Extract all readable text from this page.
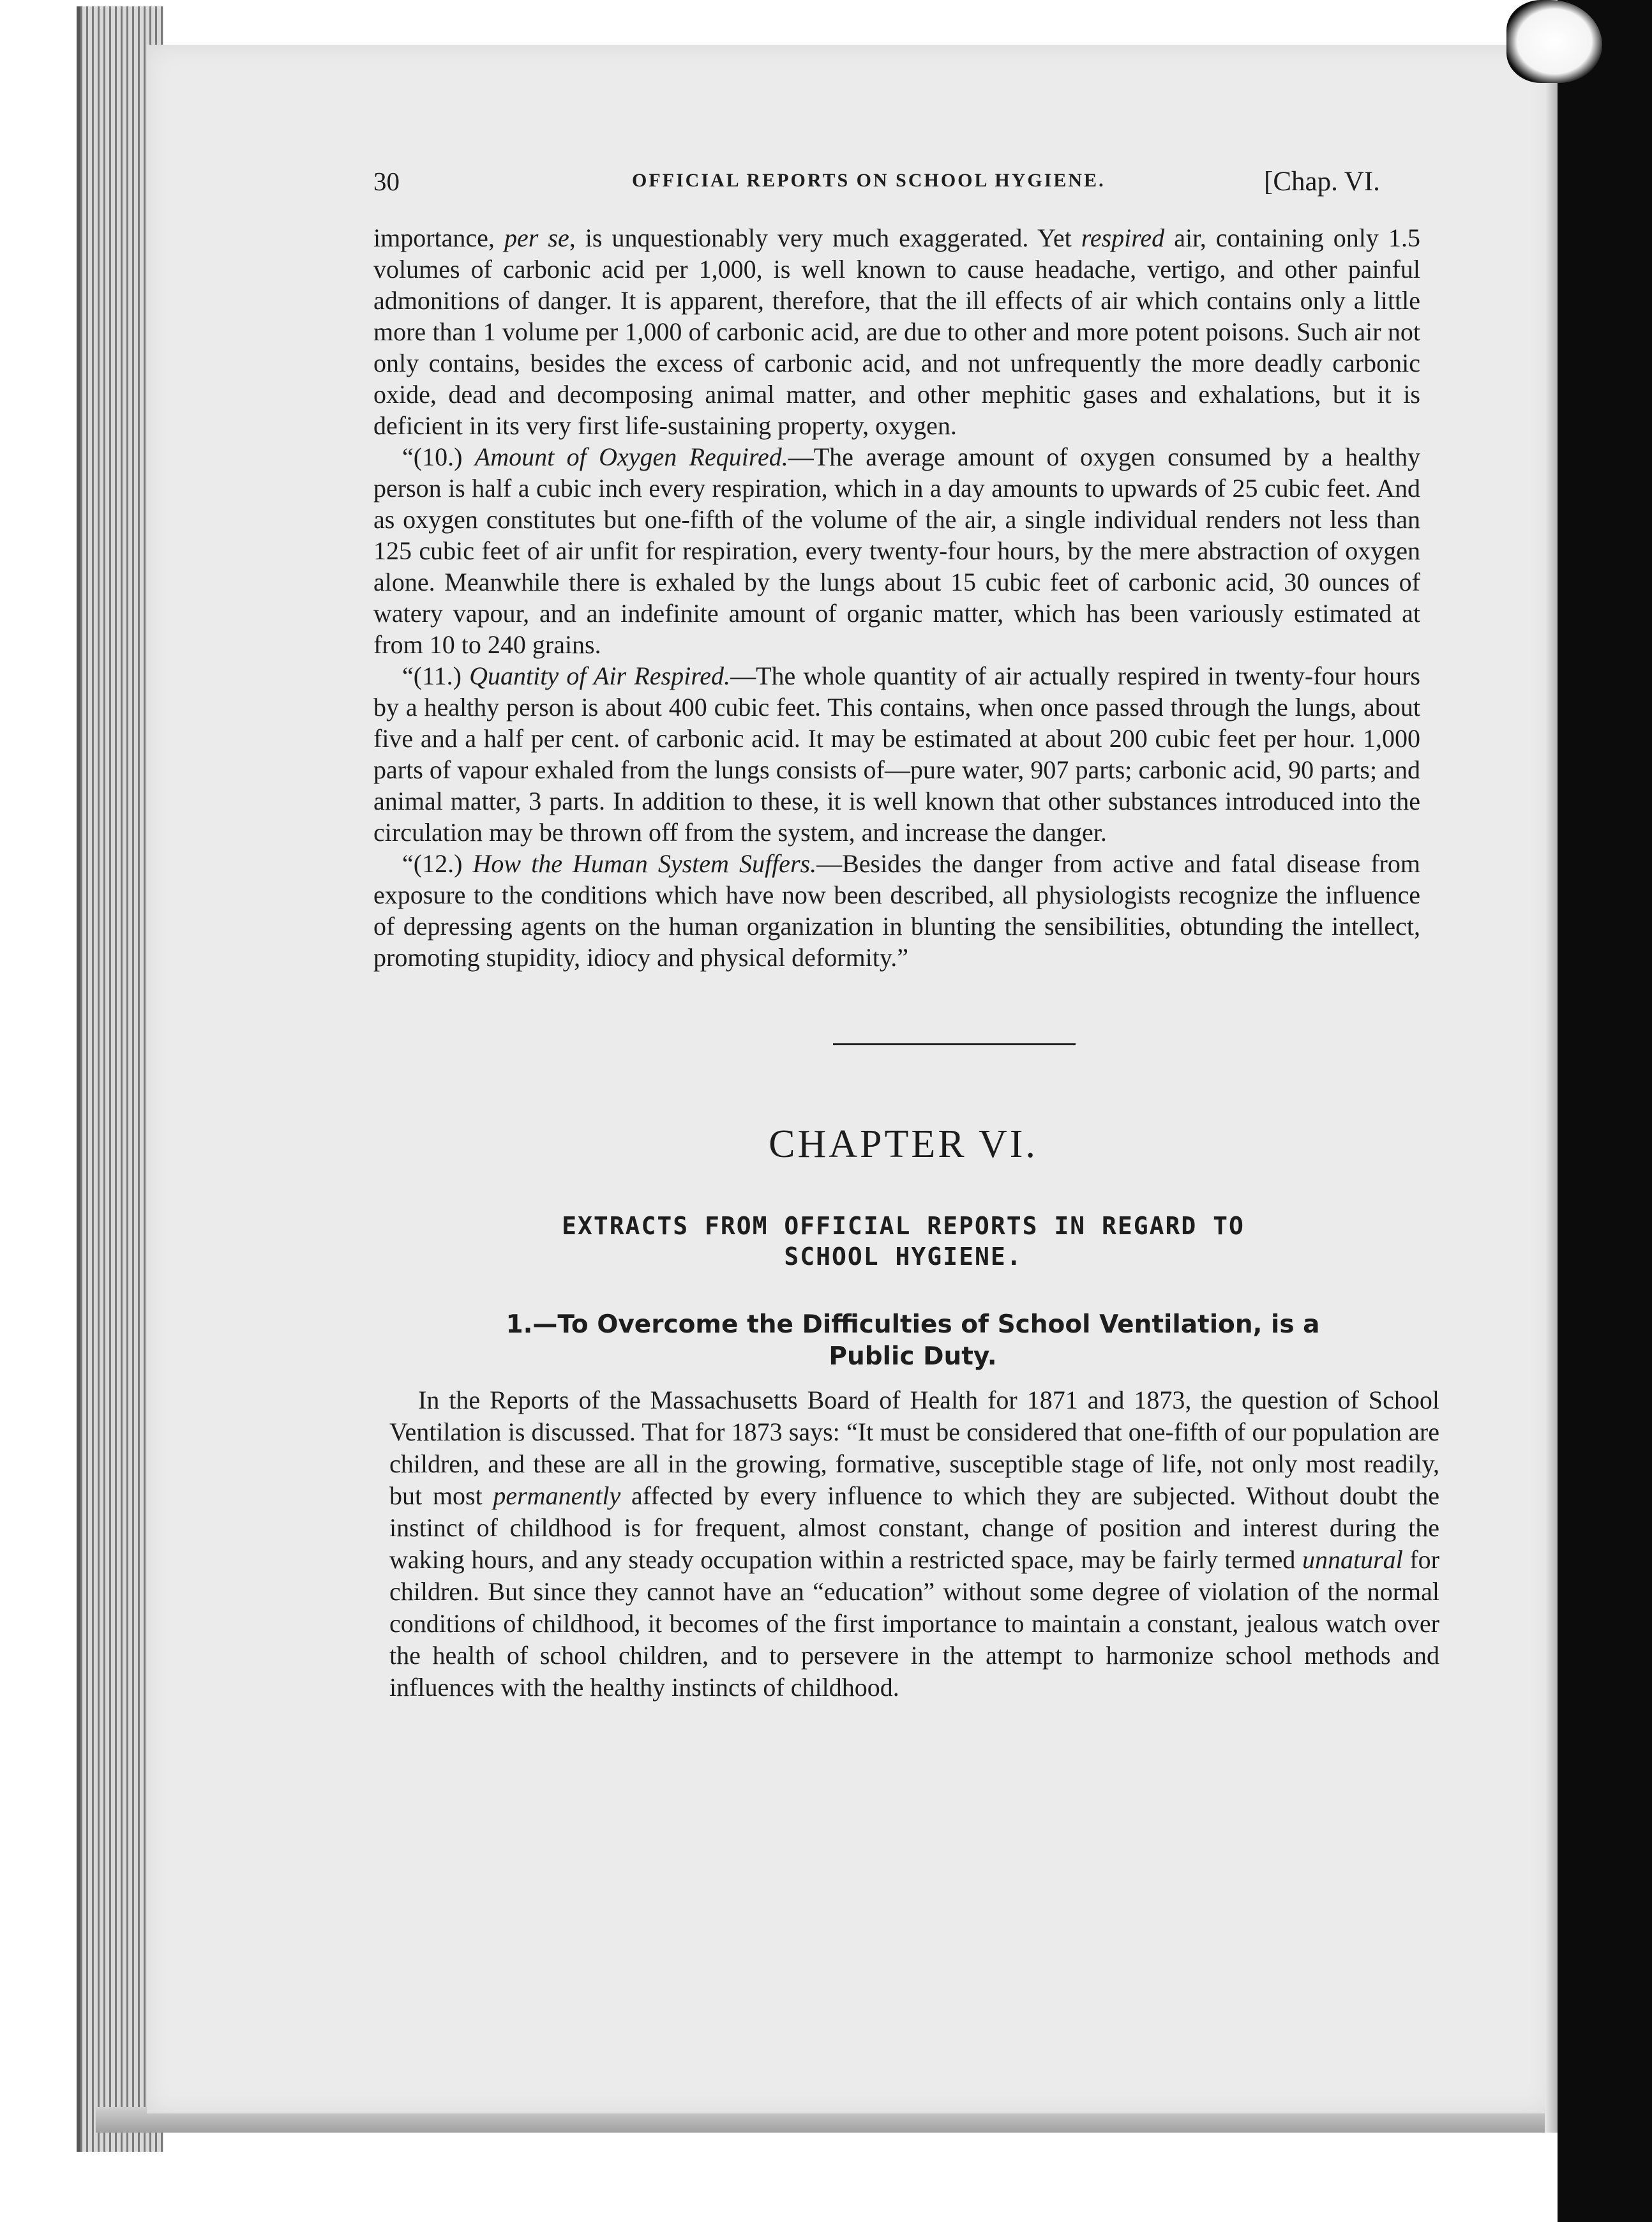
30	OFFICIAL REPORTS ON SCHOOL HYGIENE.	[Chap. VI.

importance, per se, is unquestionably very much exaggerated. Yet respired air, containing only 1.5 volumes of carbonic acid per 1,000, is well known to cause headache, vertigo, and other painful admonitions of danger. It is apparent, therefore, that the ill effects of air which contains only a little more than 1 volume per 1,000 of carbonic acid, are due to other and more potent poisons. Such air not only contains, besides the excess of carbonic acid, and not unfrequently the more deadly carbonic oxide, dead and decomposing animal matter, and other mephitic gases and exhalations, but it is deficient in its very first life-sustaining property, oxygen.

“(10.) Amount of Oxygen Required.—The average amount of oxygen consumed by a healthy person is half a cubic inch every respiration, which in a day amounts to upwards of 25 cubic feet. And as oxygen constitutes but one-fifth of the volume of the air, a single individual renders not less than 125 cubic feet of air unfit for respiration, every twenty-four hours, by the mere abstraction of oxygen alone. Meanwhile there is exhaled by the lungs about 15 cubic feet of carbonic acid, 30 ounces of watery vapour, and an indefinite amount of organic matter, which has been variously estimated at from 10 to 240 grains.

“(11.) Quantity of Air Respired.—The whole quantity of air actually respired in twenty-four hours by a healthy person is about 400 cubic feet. This contains, when once passed through the lungs, about five and a half per cent. of carbonic acid. It may be estimated at about 200 cubic feet per hour. 1,000 parts of vapour exhaled from the lungs consists of—pure water, 907 parts; carbonic acid, 90 parts; and animal matter, 3 parts. In addition to these, it is well known that other substances introduced into the circulation may be thrown off from the system, and increase the danger.

“(12.) How the Human System Suffers.—Besides the danger from active and fatal disease from exposure to the conditions which have now been described, all physiologists recognize the influence of depressing agents on the human organization in blunting the sensibilities, obtunding the intellect, promoting stupidity, idiocy and physical deformity.”

CHAPTER VI.
EXTRACTS FROM OFFICIAL REPORTS IN REGARD TO
SCHOOL HYGIENE.
1.—To Overcome the Difficulties of School Ventilation, is a
Public Duty.

In the Reports of the Massachusetts Board of Health for 1871 and 1873, the question of School Ventilation is discussed. That for 1873 says: “It must be considered that one-fifth of our population are children, and these are all in the growing, formative, susceptible stage of life, not only most readily, but most permanently affected by every influence to which they are subjected. Without doubt the instinct of childhood is for frequent, almost constant, change of position and interest during the waking hours, and any steady occupation within a restricted space, may be fairly termed unnatural for children. But since they cannot have an “education” without some degree of violation of the normal conditions of childhood, it becomes of the first importance to maintain a constant, jealous watch over the health of school children, and to persevere in the attempt to harmonize school methods and influences with the healthy instincts of childhood.
